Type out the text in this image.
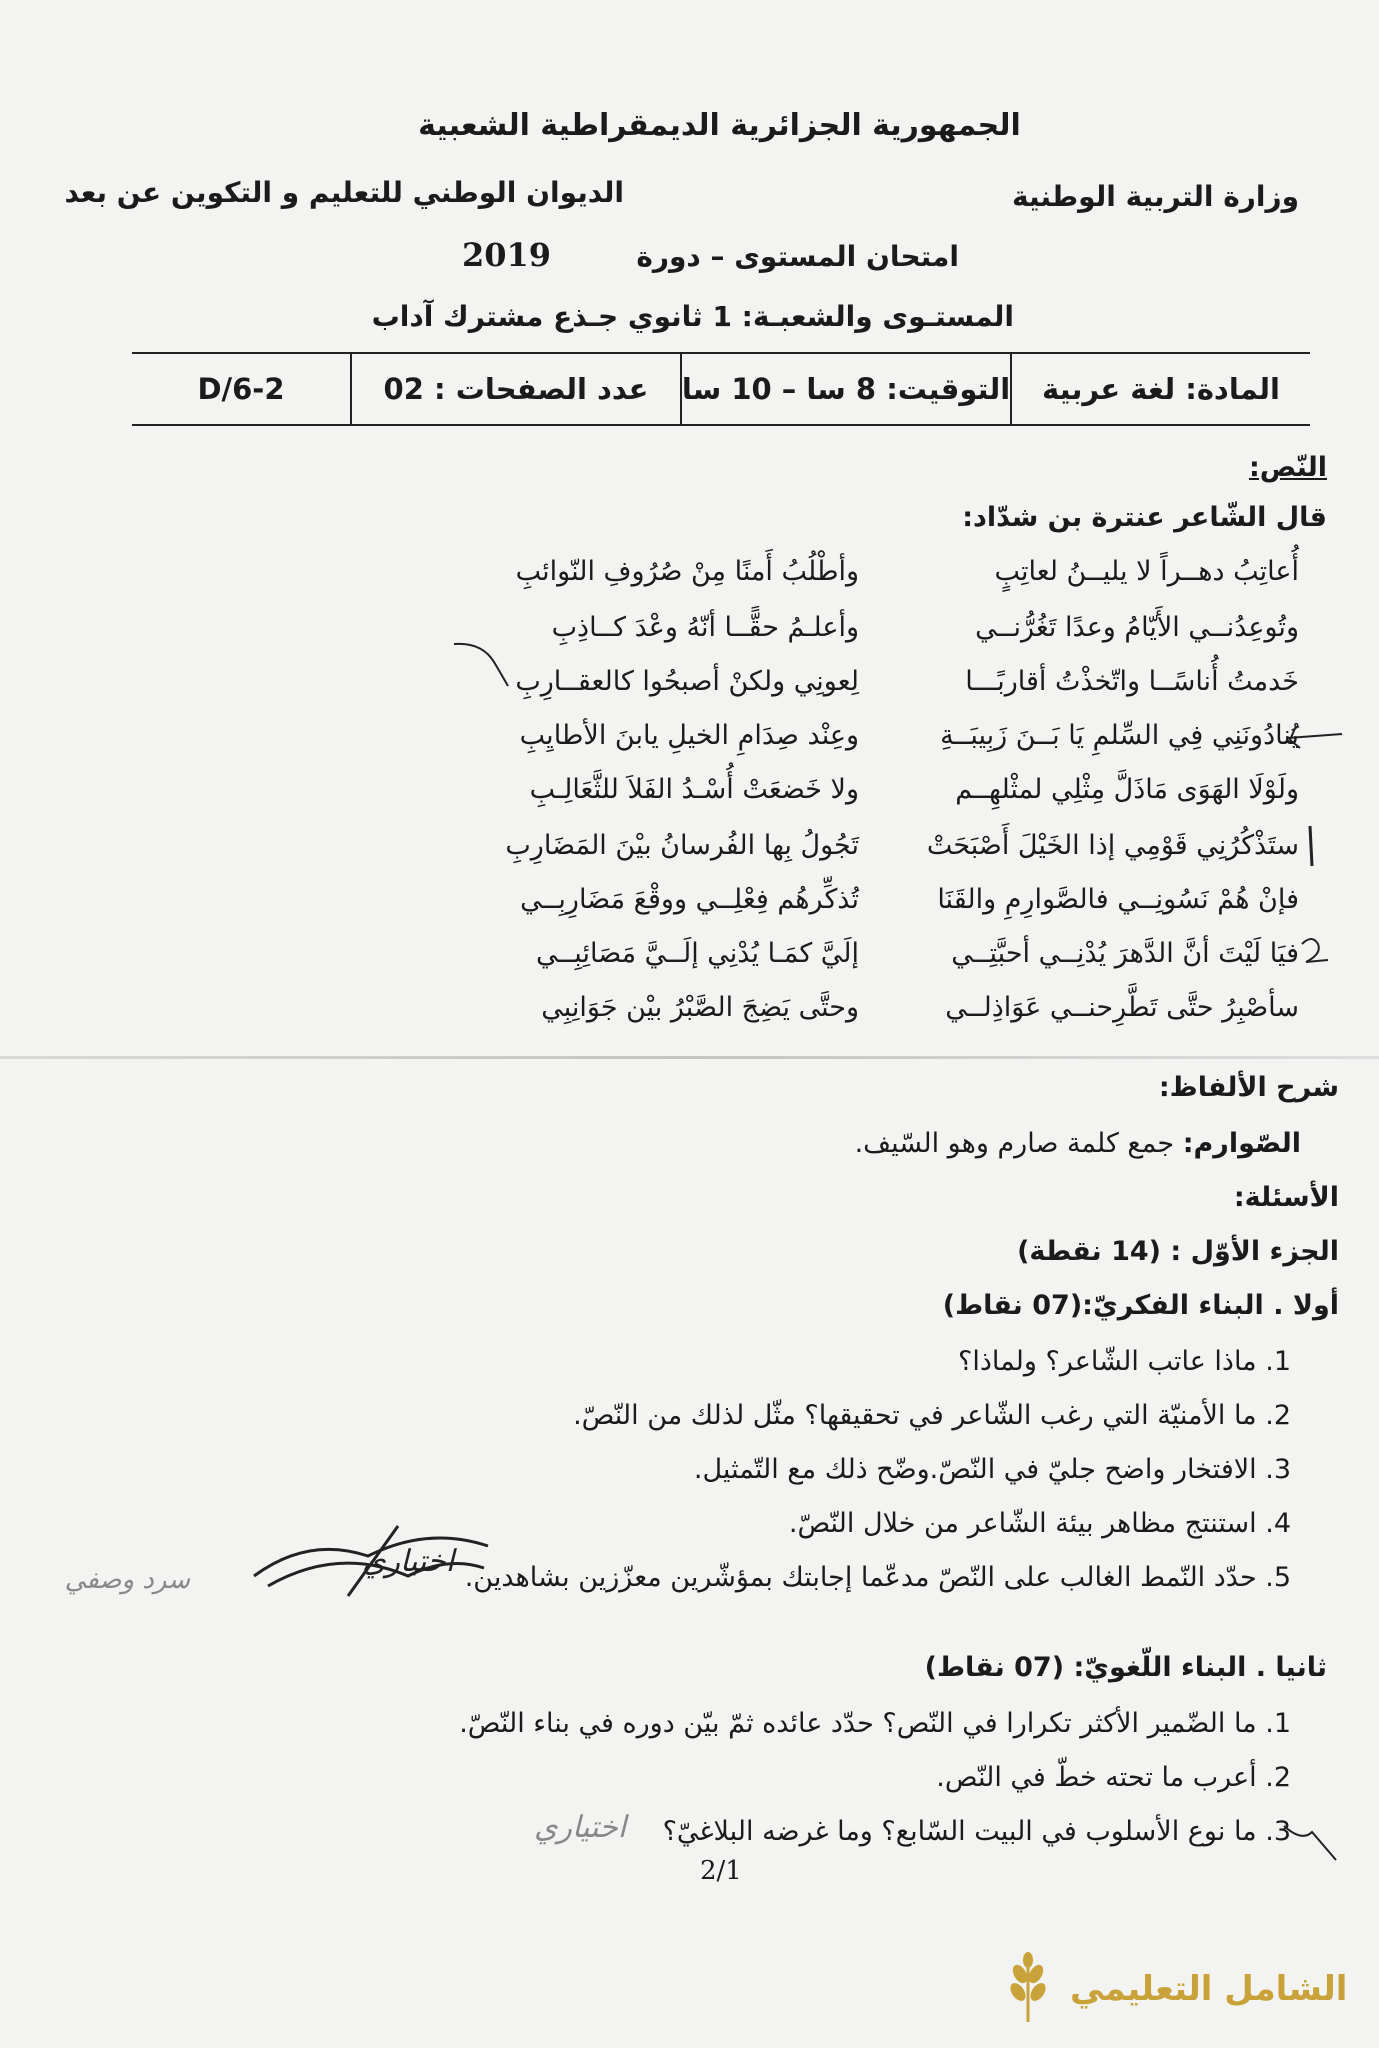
الجمهورية الجزائرية الديمقراطية الشعبية
وزارة التربية الوطنية
الديوان الوطني للتعليم و التكوين عن بعد
امتحان المستوى – دورة
2019
المستـوى والشعبـة: 1 ثانوي جـذع مشترك آداب
المادة: لغة عربية
التوقيت: 8 سا – 10 سا
عدد الصفحات : 02
D/6-2
النّص:
قال الشّاعر عنترة بن شدّاد:
أُعاتِبُ دهــراً لا يليــنُ لعاتِبٍ
وأطْلُبُ أَمنًا مِنْ صُرُوفِ النّوائبِ
وتُوعِدُنــي الأَيّامُ وعدًا تَغُرُّنــي
وأعلـمُ حقًّــا أنّهُ وعْدَ كــاذِبِ
خَدمتُ أُناسًــا واتّخذْتُ أقاربًـــا
لِعونِي ولكنْ أصبحُوا كالعقــارِبِ
يُنادُونَنِي فِي السِّلمِ يَا بَــنَ زَبِيبَــةِ
وعِنْد صِدَامِ الخيلِ يابنَ الأطايِبِ
ولَوْلَا الهَوَى مَاذَلَّ مِثْلِي لمثْلهِــم
ولا خَضعَتْ أُسْـدُ الفَلاَ للثَّعَالِـبِ
ستَذْكُرُنِي قَوْمِي إذا الخَيْلَ أَصْبَحَتْ
تَجُولُ بِها الفُرسانُ بيْنَ المَضَارِبِ
فإنْ هُمْ نَسُونِــي فالصَّوارِمِ والقَنَا
تُذكِّرهُم فِعْلِــي ووقْعَ مَضَارِبِــي
فيَا لَيْتَ أنَّ الدَّهرَ يُدْنِــي أحبَّتِــي
إلَيَّ كمَـا يُدْنِي إلَــيَّ مَصَائِبِــي
سأصْبِرُ حتَّى تَطَّرِحنــي عَوَاذِلــي
وحتَّى يَضِجَ الصَّبْرُ بيْن جَوَانِبِي
شرح الألفاظ:
الصّوارم: جمع كلمة صارم وهو السّيف.
الأسئلة:
الجزء الأوّل : (14 نقطة)
أولا . البناء الفكريّ:(07 نقاط)
1. ماذا عاتب الشّاعر؟ ولماذا؟
2. ما الأمنيّة التي رغب الشّاعر في تحقيقها؟ مثّل لذلك من النّصّ.
3. الافتخار واضح جليّ في النّصّ.وضّح ذلك مع التّمثيل.
4. استنتج مظاهر بيئة الشّاعر من خلال النّصّ.
5. حدّد النّمط الغالب على النّصّ مدعّما إجابتك بمؤشّرين معزّزين بشاهدين.
ثانيا . البناء اللّغويّ: (07 نقاط)
1. ما الضّمير الأكثر تكرارا في النّص؟ حدّد عائده ثمّ بيّن دوره في بناء النّصّ.
2. أعرب ما تحته خطّ في النّص.
3. ما نوع الأسلوب في البيت السّابع؟ وما غرضه البلاغيّ؟
2/1
الشامل التعليمي
اختياري
سرد وصفي
اختياري
